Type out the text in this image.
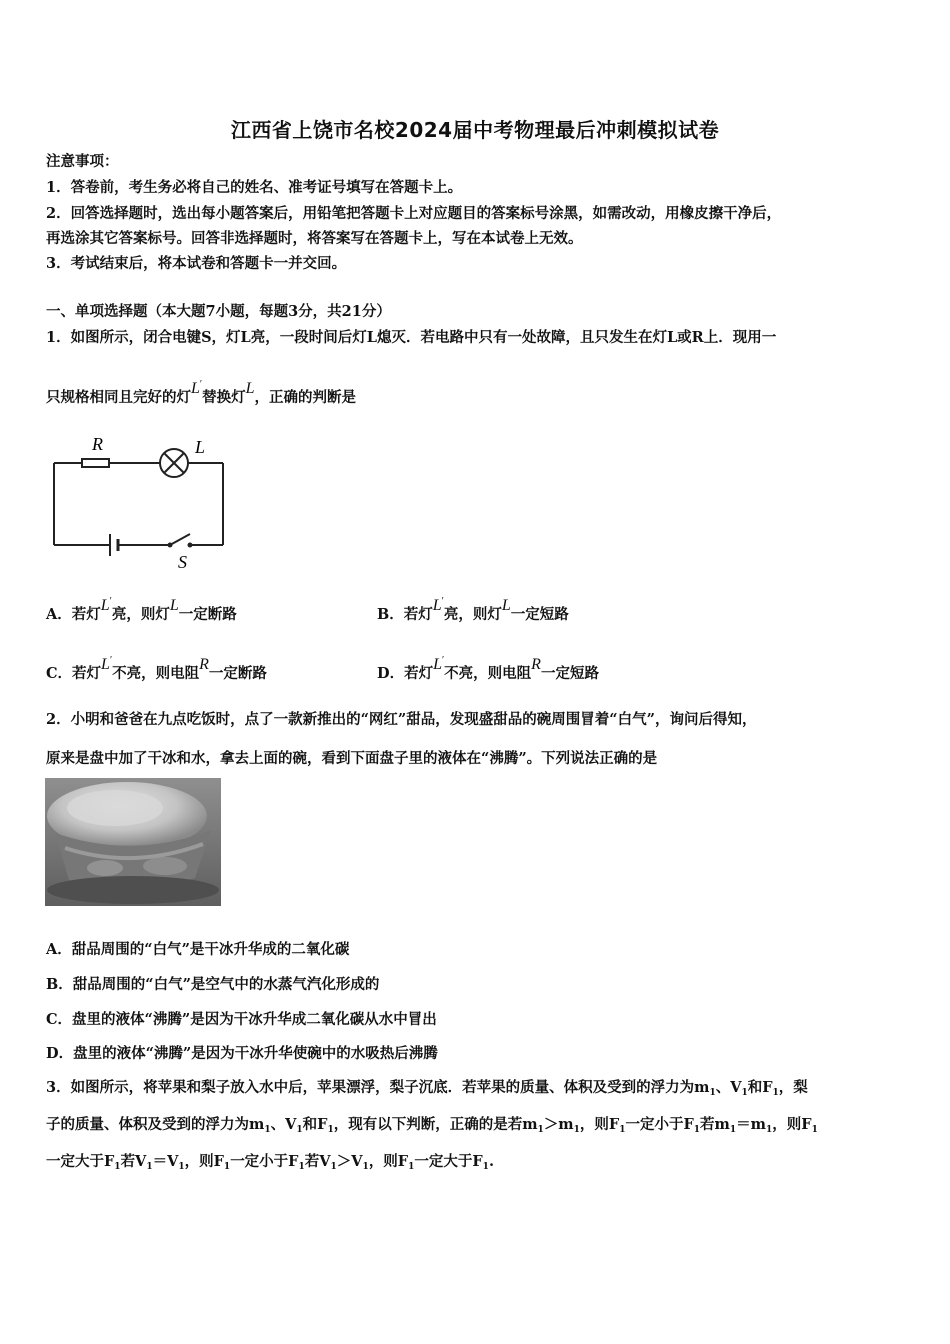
江西省上饶市名校2024届中考物理最后冲刺模拟试卷
注意事项：
1．答卷前，考生务必将自己的姓名、准考证号填写在答题卡上。
2．回答选择题时，选出每小题答案后，用铅笔把答题卡上对应题目的答案标号涂黑，如需改动，用橡皮擦干净后，
再选涂其它答案标号。回答非选择题时，将答案写在答题卡上，写在本试卷上无效。
3．考试结束后，将本试卷和答题卡一并交回。
一、单项选择题（本大题7小题，每题3分，共21分）
1．如图所示，闭合电键S，灯L亮，一段时间后灯L熄灭．若电路中只有一处故障，且只发生在灯L或R上．现用一
只规格相同且完好的灯L′替换灯L，正确的判断是
R	L
S
A．若灯L′亮，则灯L一定断路	B．若灯L′亮，则灯L一定短路
C．若灯L′不亮，则电阻R一定断路	D．若灯L′不亮，则电阻R一定短路
2．小明和爸爸在九点吃饭时，点了一款新推出的“网红”甜品，发现盛甜品的碗周围冒着“白气”，询问后得知，
原来是盘中加了干冰和水，拿去上面的碗，看到下面盘子里的液体在“沸腾”。下列说法正确的是
A．甜品周围的“白气”是干冰升华成的二氧化碳
B．甜品周围的“白气”是空气中的水蒸气汽化形成的
C．盘里的液体“沸腾”是因为干冰升华成二氧化碳从水中冒出
D．盘里的液体“沸腾”是因为干冰升华使碗中的水吸热后沸腾
3．如图所示，将苹果和梨子放入水中后，苹果漂浮，梨子沉底．若苹果的质量、体积及受到的浮力为$m_1$、$V_1$和$F_1$，梨
子的质量、体积及受到的浮力为$m_1$、$V_1$和$F_1$，现有以下判断，正确的是若$m_1>m_1$，则$F_1$一定小于$F_1$若$m_1=m_1$，则$F_1$
一定大于$F_1$若$V_1=V_1$，则$F_1$一定小于$F_1$若$V_1>V_1$，则$F_1$一定大于$F_1$.
